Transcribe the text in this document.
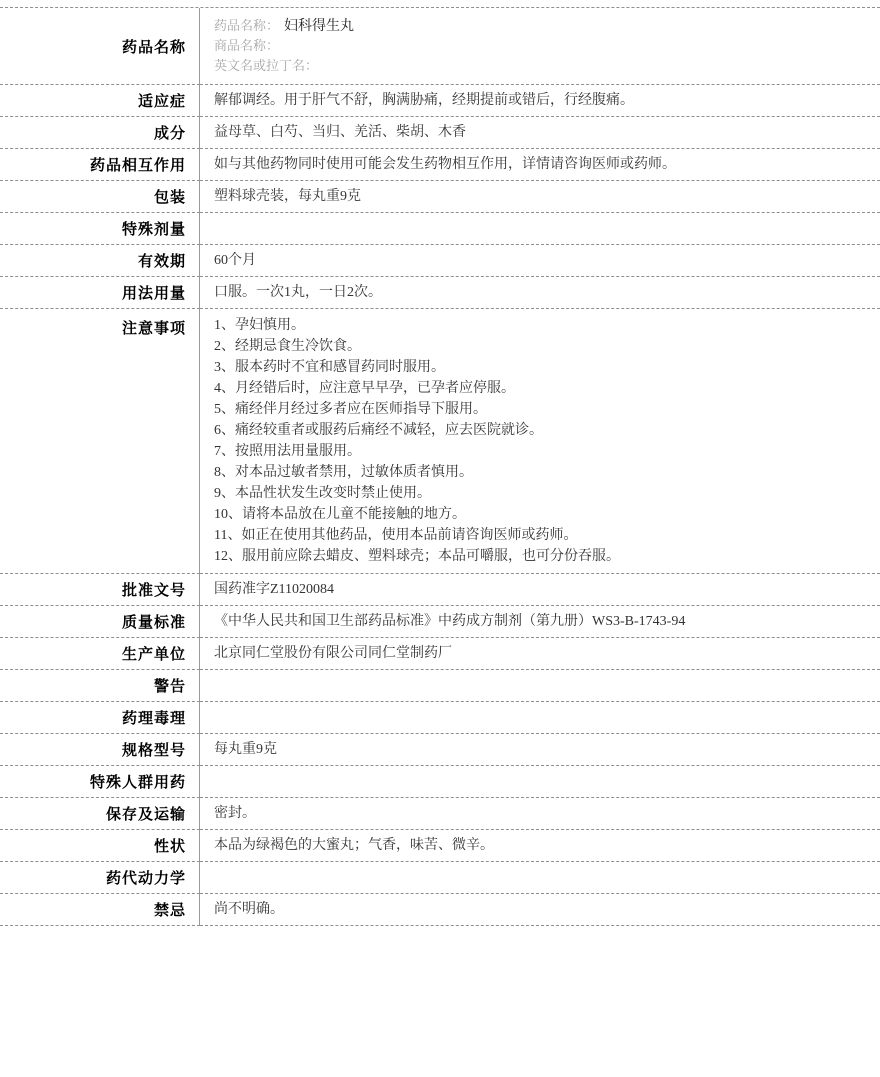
药品名称	
药品名称： 妇科得生丸
商品名称：
英文名或拉丁名：

适应症	解郁调经。用于肝气不舒，胸满胁痛，经期提前或错后，行经腹痛。
成分	益母草、白芍、当归、羌活、柴胡、木香
药品相互作用	如与其他药物同时使用可能会发生药物相互作用，详情请咨询医师或药师。
包装	塑料球壳装，每丸重9克
特殊剂量	
有效期	60个月
用法用量	口服。一次1丸，一日2次。
注意事项	1、孕妇慎用。
2、经期忌食生冷饮食。
3、服本药时不宜和感冒药同时服用。
4、月经错后时，应注意早早孕，已孕者应停服。
5、痛经伴月经过多者应在医师指导下服用。
6、痛经较重者或服药后痛经不减轻，应去医院就诊。
7、按照用法用量服用。
8、对本品过敏者禁用，过敏体质者慎用。
9、本品性状发生改变时禁止使用。
10、请将本品放在儿童不能接触的地方。
11、如正在使用其他药品，使用本品前请咨询医师或药师。
12、服用前应除去蜡皮、塑料球壳；本品可嚼服，也可分份吞服。

批准文号	国药准字Z11020084
质量标准	《中华人民共和国卫生部药品标准》中药成方制剂（第九册）WS3-B-1743-94
生产单位	北京同仁堂股份有限公司同仁堂制药厂
警告	
药理毒理	
规格型号	每丸重9克
特殊人群用药	
保存及运输	密封。
性状	本品为绿褐色的大蜜丸；气香，味苦、微辛。
药代动力学	
禁忌	尚不明确。
